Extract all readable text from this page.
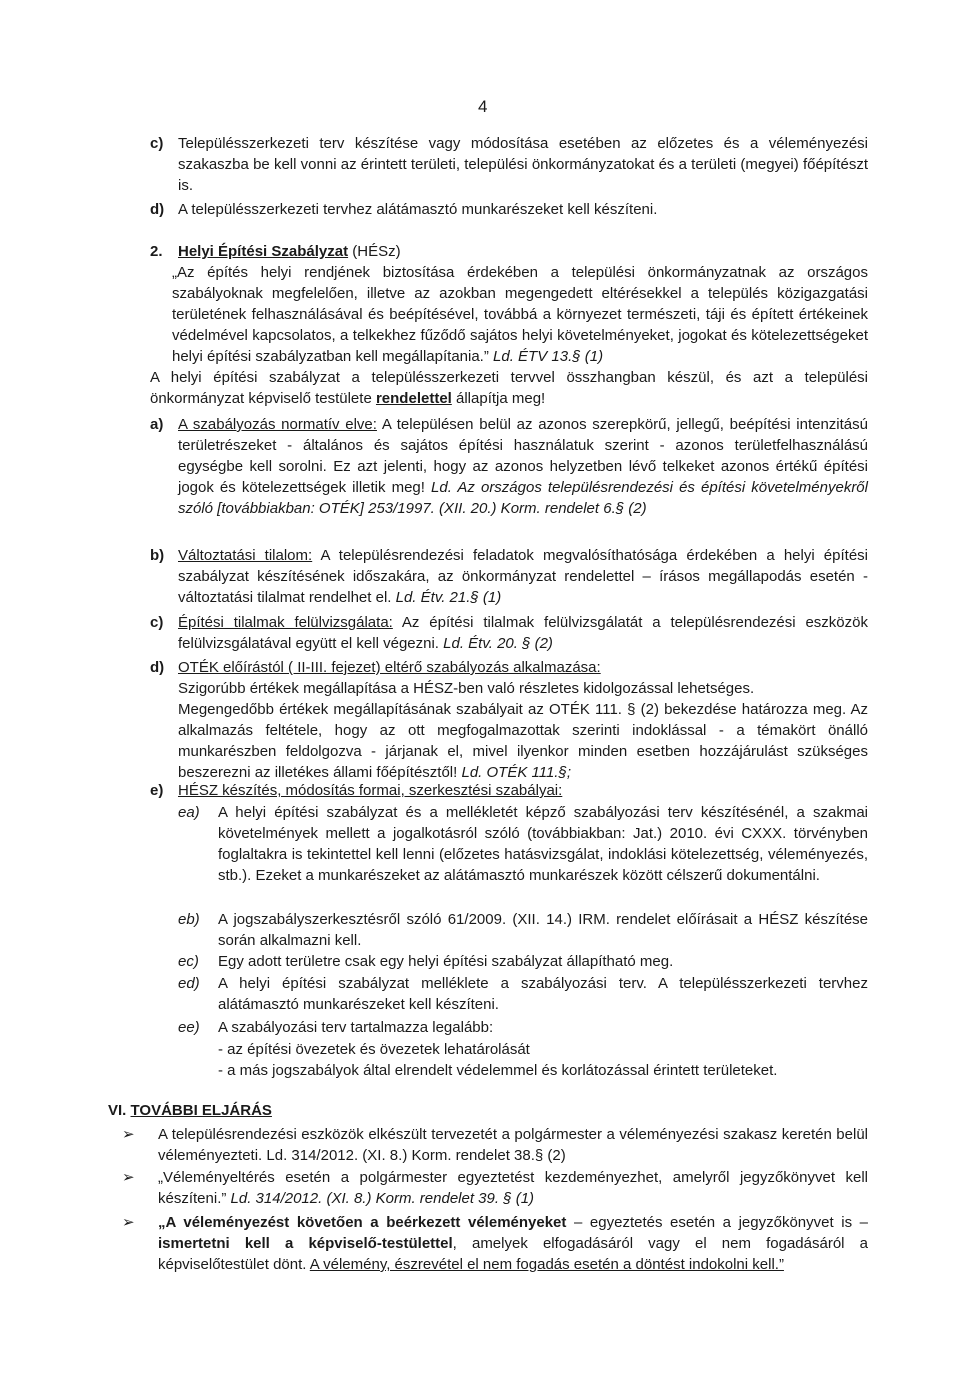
4
c) Településszerkezeti terv készítése vagy módosítása esetében az előzetes és a véleményezési szakaszba be kell vonni az érintett területi, települési önkormányzatokat és a területi (megyei) főépítészt is.
d) A településszerkezeti tervhez alátámasztó munkarészeket kell készíteni.
2. Helyi Építési Szabályzat (HÉSz)
„Az építés helyi rendjének biztosítása érdekében a települési önkormányzatnak az országos szabályoknak megfelelően, illetve az azokban megengedett eltérésekkel a település közigazgatási területének felhasználásával és beépítésével, továbbá a környezet természeti, táji és épített értékeinek védelmével kapcsolatos, a telkekhez fűződő sajátos helyi követelményeket, jogokat és kötelezettségeket helyi építési szabályzatban kell megállapítania.” Ld. ÉTV 13.§ (1)
A helyi építési szabályzat a településszerkezeti tervvel összhangban készül, és azt a települési önkormányzat képviselő testülete rendelettel állapítja meg!
a) A szabályozás normatív elve: A településen belül az azonos szerepkörű, jellegű, beépítési intenzitású területrészeket - általános és sajátos építési használatuk szerint - azonos területfelhasználású egységbe kell sorolni. Ez azt jelenti, hogy az azonos helyzetben lévő telkeket azonos értékű építési jogok és kötelezettségek illetik meg! Ld. Az országos településrendezési és építési követelményekről szóló [továbbiakban: OTÉK] 253/1997. (XII. 20.) Korm. rendelet 6.§ (2)
b) Változtatási tilalom: A településrendezési feladatok megvalósíthatósága érdekében a helyi építési szabályzat készítésének időszakára, az önkormányzat rendelettel – írásos megállapodás esetén - változtatási tilalmat rendelhet el. Ld. Étv. 21.§ (1)
c) Építési tilalmak felülvizsgálata: Az építési tilalmak felülvizsgálatát a településrendezési eszközök felülvizsgálatával együtt el kell végezni. Ld. Étv. 20. § (2)
d) OTÉK előírástól ( II-III. fejezet) eltérő szabályozás alkalmazása:
Szigorúbb értékek megállapítása a HÉSZ-ben való részletes kidolgozással lehetséges.
Megengedőbb értékek megállapításának szabályait az OTÉK 111. § (2) bekezdése határozza meg. Az alkalmazás feltétele, hogy az ott megfogalmazottak szerinti indoklással - a témakört önálló munkarészben feldolgozva - járjanak el, mivel ilyenkor minden esetben hozzájárulást szükséges beszerezni az illetékes állami főépítésztől! Ld. OTÉK 111.§;
e) HÉSZ készítés, módosítás formai, szerkesztési szabályai:
ea) A helyi építési szabályzat és a mellékletét képző szabályozási terv készítésénél, a szakmai követelmények mellett a jogalkotásról szóló (továbbiakban: Jat.) 2010. évi CXXX. törvényben foglaltakra is tekintettel kell lenni (előzetes hatásvizsgálat, indoklási kötelezettség, véleményezés, stb.). Ezeket a munkarészeket az alátámasztó munkarészek között célszerű dokumentálni.
eb) A jogszabályszerkesztésről szóló 61/2009. (XII. 14.) IRM. rendelet előírásait a HÉSZ készítése során alkalmazni kell.
ec) Egy adott területre csak egy helyi építési szabályzat állapítható meg.
ed) A helyi építési szabályzat melléklete a szabályozási terv. A településszerkezeti tervhez alátámasztó munkarészeket kell készíteni.
ee) A szabályozási terv tartalmazza legalább:
- az építési övezetek és övezetek lehatárolását
- a más jogszabályok által elrendelt védelemmel és korlátozással érintett területeket.
VI. TOVÁBBI ELJÁRÁS
➢ A településrendezési eszközök elkészült tervezetét a polgármester a véleményezési szakasz keretén belül véleményezteti. Ld. 314/2012. (XI. 8.) Korm. rendelet 38.§ (2)
➢ „Véleményeltérés esetén a polgármester egyeztetést kezdeményezhet, amelyről jegyzőkönyvet kell készíteni.” Ld. 314/2012. (XI. 8.) Korm. rendelet 39. § (1)
➢ „A véleményezést követően a beérkezett véleményeket – egyeztetés esetén a jegyzőkönyvet is – ismertetni kell a képviselő-testülettel, amelyek elfogadásáról vagy el nem fogadásáról a képviselőtestület dönt. A vélemény, észrevétel el nem fogadás esetén a döntést indokolni kell.”
